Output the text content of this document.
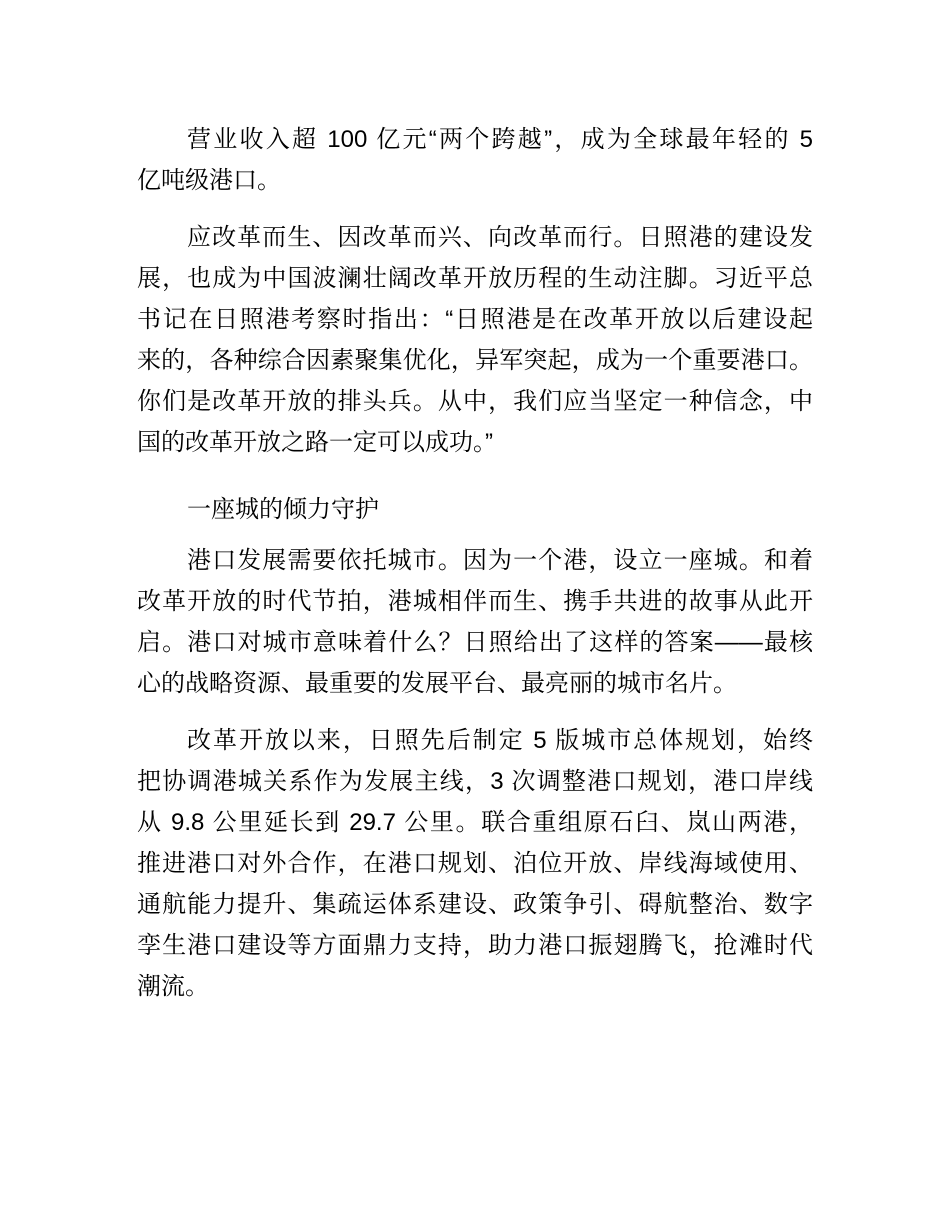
营业收入超 100 亿元“两个跨越”，成为全球最年轻的 5
亿吨级港口。
应改革而生、因改革而兴、向改革而行。日照港的建设发
展，也成为中国波澜壮阔改革开放历程的生动注脚。习近平总
书记在日照港考察时指出：“日照港是在改革开放以后建设起
来的，各种综合因素聚集优化，异军突起，成为一个重要港口。
你们是改革开放的排头兵。从中，我们应当坚定一种信念，中
国的改革开放之路一定可以成功。”
一座城的倾力守护
港口发展需要依托城市。因为一个港，设立一座城。和着
改革开放的时代节拍，港城相伴而生、携手共进的故事从此开
启。港口对城市意味着什么？日照给出了这样的答案——最核
心的战略资源、最重要的发展平台、最亮丽的城市名片。
改革开放以来，日照先后制定 5 版城市总体规划，始终
把协调港城关系作为发展主线，3 次调整港口规划，港口岸线
从 9.8 公里延长到 29.7 公里。联合重组原石臼、岚山两港，
推进港口对外合作，在港口规划、泊位开放、岸线海域使用、
通航能力提升、集疏运体系建设、政策争引、碍航整治、数字
孪生港口建设等方面鼎力支持，助力港口振翅腾飞，抢滩时代
潮流。
